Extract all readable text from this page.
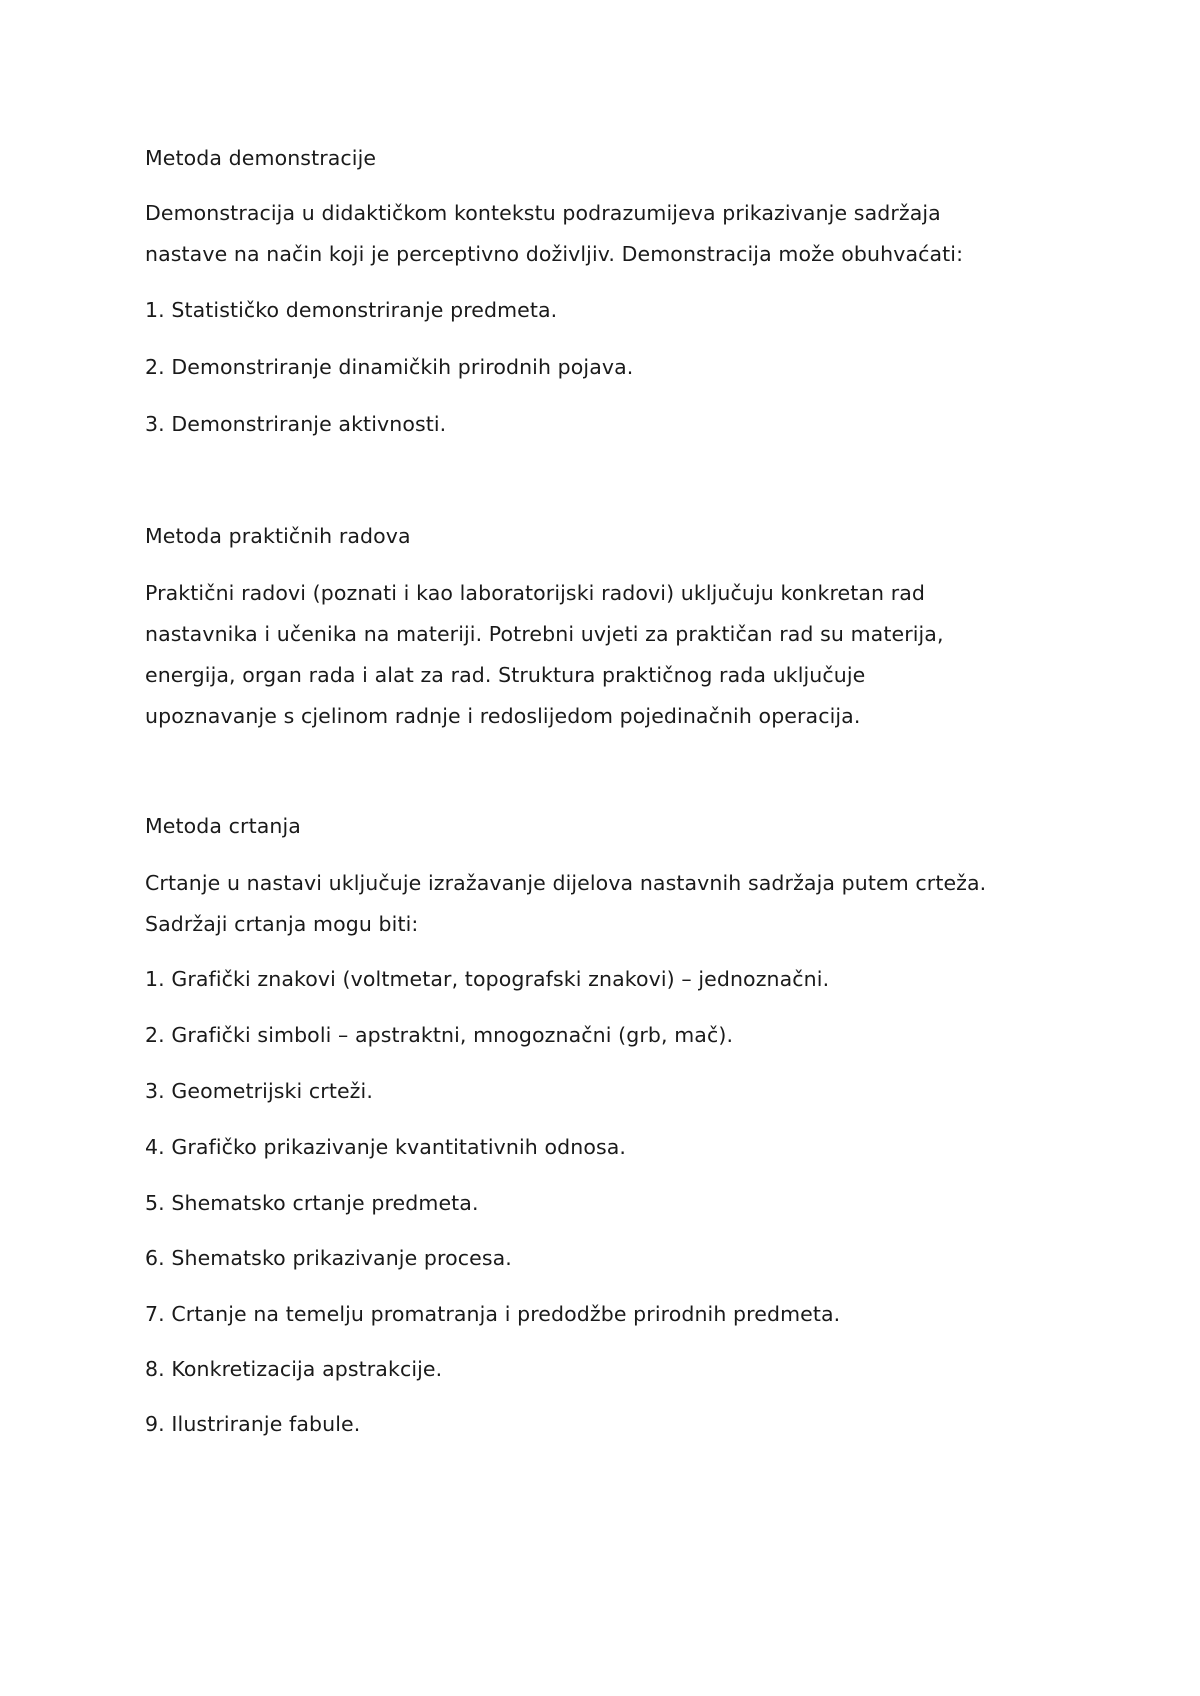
Metoda demonstracije
Demonstracija u didaktičkom kontekstu podrazumijeva prikazivanje sadržaja
nastave na način koji je perceptivno doživljiv. Demonstracija može obuhvaćati:
1. Statističko demonstriranje predmeta.
2. Demonstriranje dinamičkih prirodnih pojava.
3. Demonstriranje aktivnosti.
Metoda praktičnih radova
Praktični radovi (poznati i kao laboratorijski radovi) uključuju konkretan rad
nastavnika i učenika na materiji. Potrebni uvjeti za praktičan rad su materija,
energija, organ rada i alat za rad. Struktura praktičnog rada uključuje
upoznavanje s cjelinom radnje i redoslijedom pojedinačnih operacija.
Metoda crtanja
Crtanje u nastavi uključuje izražavanje dijelova nastavnih sadržaja putem crteža.
Sadržaji crtanja mogu biti:
1. Grafički znakovi (voltmetar, topografski znakovi) – jednoznačni.
2. Grafički simboli – apstraktni, mnogoznačni (grb, mač).
3. Geometrijski crteži.
4. Grafičko prikazivanje kvantitativnih odnosa.
5. Shematsko crtanje predmeta.
6. Shematsko prikazivanje procesa.
7. Crtanje na temelju promatranja i predodžbe prirodnih predmeta.
8. Konkretizacija apstrakcije.
9. Ilustriranje fabule.
